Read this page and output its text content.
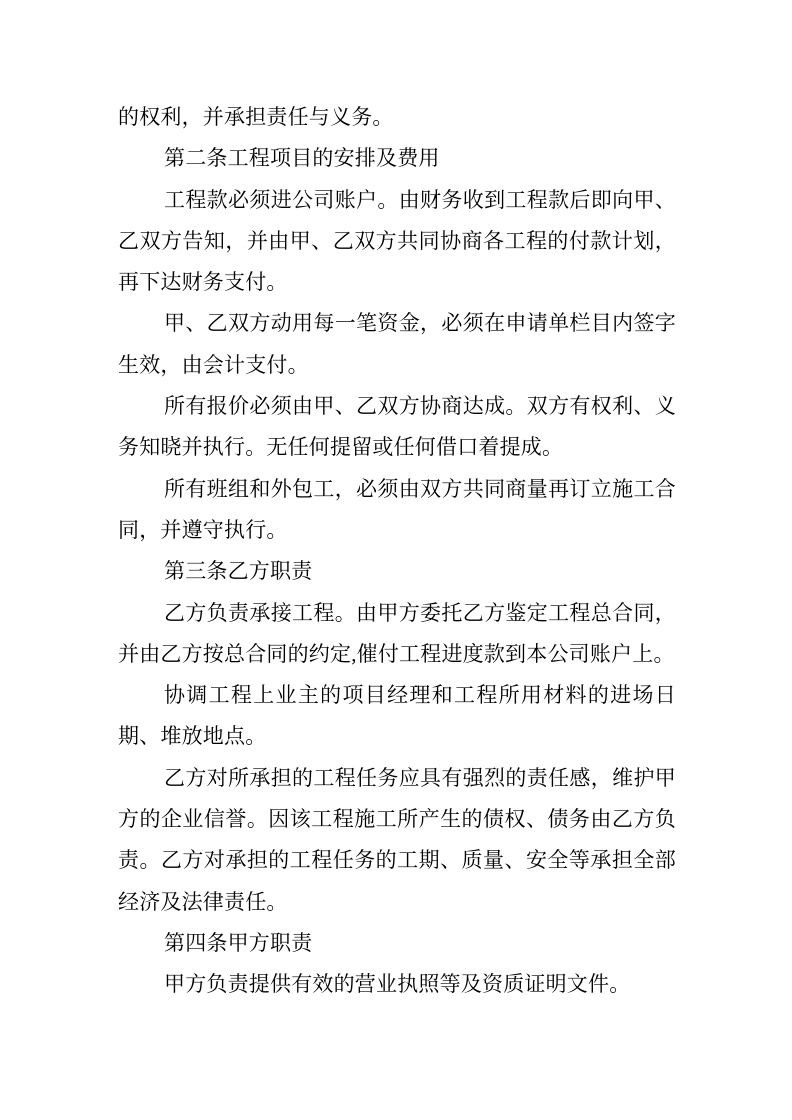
的权利，并承担责任与义务。
第二条工程项目的安排及费用
工程款必须进公司账户。由财务收到工程款后即向甲、
乙双方告知，并由甲、乙双方共同协商各工程的付款计划，
再下达财务支付。
甲、乙双方动用每一笔资金，必须在申请单栏目内签字
生效，由会计支付。
所有报价必须由甲、乙双方协商达成。双方有权利、义
务知晓并执行。无任何提留或任何借口着提成。
所有班组和外包工，必须由双方共同商量再订立施工合
同，并遵守执行。
第三条乙方职责
乙方负责承接工程。由甲方委托乙方鉴定工程总合同，
并由乙方按总合同的约定,催付工程进度款到本公司账户上。
协调工程上业主的项目经理和工程所用材料的进场日
期、堆放地点。
乙方对所承担的工程任务应具有强烈的责任感，维护甲
方的企业信誉。因该工程施工所产生的债权、债务由乙方负
责。乙方对承担的工程任务的工期、质量、安全等承担全部
经济及法律责任。
第四条甲方职责
甲方负责提供有效的营业执照等及资质证明文件。
